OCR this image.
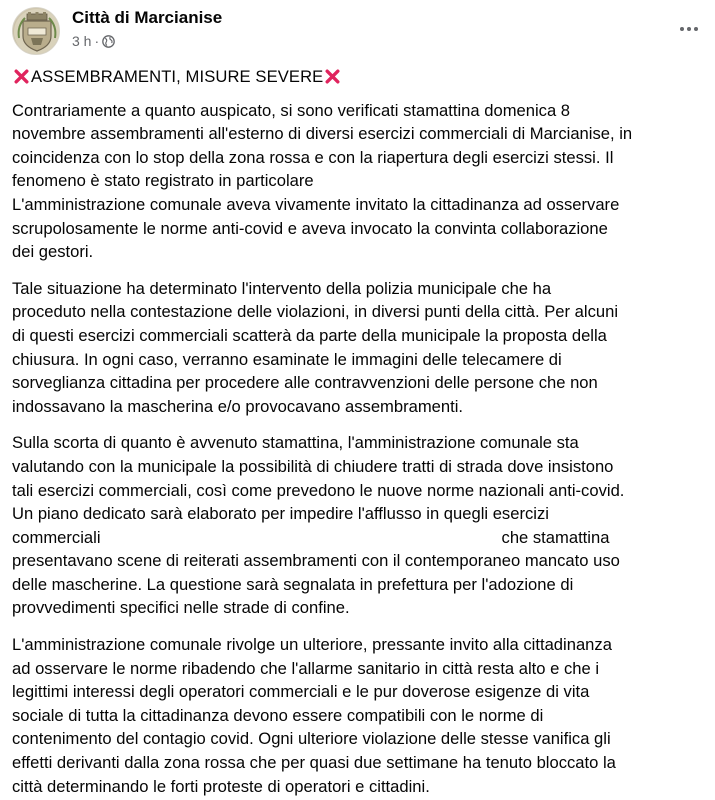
Città di Marcianise
3 h ·
ASSEMBRAMENTI, MISURE SEVERE
Contrariamente a quanto auspicato, si sono verificati stamattina domenica 8
novembre assembramenti all'esterno di diversi esercizi commerciali di Marcianise, in
coincidenza con lo stop della zona rossa e con la riapertura degli esercizi stessi. Il
fenomeno è stato registrato in particolare
L'amministrazione comunale aveva vivamente invitato la cittadinanza ad osservare
scrupolosamente le norme anti-covid e aveva invocato la convinta collaborazione
dei gestori.
Tale situazione ha determinato l'intervento della polizia municipale che ha
proceduto nella contestazione delle violazioni, in diversi punti della città. Per alcuni
di questi esercizi commerciali scatterà da parte della municipale la proposta della
chiusura. In ogni caso, verranno esaminate le immagini delle telecamere di
sorveglianza cittadina per procedere alle contravvenzioni delle persone che non
indossavano la mascherina e/o provocavano assembramenti.
Sulla scorta di quanto è avvenuto stamattina, l'amministrazione comunale sta
valutando con la municipale la possibilità di chiudere tratti di strada dove insistono
tali esercizi commerciali, così come prevedono le nuove norme nazionali anti-covid.
Un piano dedicato sarà elaborato per impedire l'afflusso in quegli esercizi
commerciali	che stamattina
presentavano scene di reiterati assembramenti con il contemporaneo mancato uso
delle mascherine. La questione sarà segnalata in prefettura per l'adozione di
provvedimenti specifici nelle strade di confine.
L'amministrazione comunale rivolge un ulteriore, pressante invito alla cittadinanza
ad osservare le norme ribadendo che l'allarme sanitario in città resta alto e che i
legittimi interessi degli operatori commerciali e le pur doverose esigenze di vita
sociale di tutta la cittadinanza devono essere compatibili con le norme di
contenimento del contagio covid. Ogni ulteriore violazione delle stesse vanifica gli
effetti derivanti dalla zona rossa che per quasi due settimane ha tenuto bloccato la
città determinando le forti proteste di operatori e cittadini.
